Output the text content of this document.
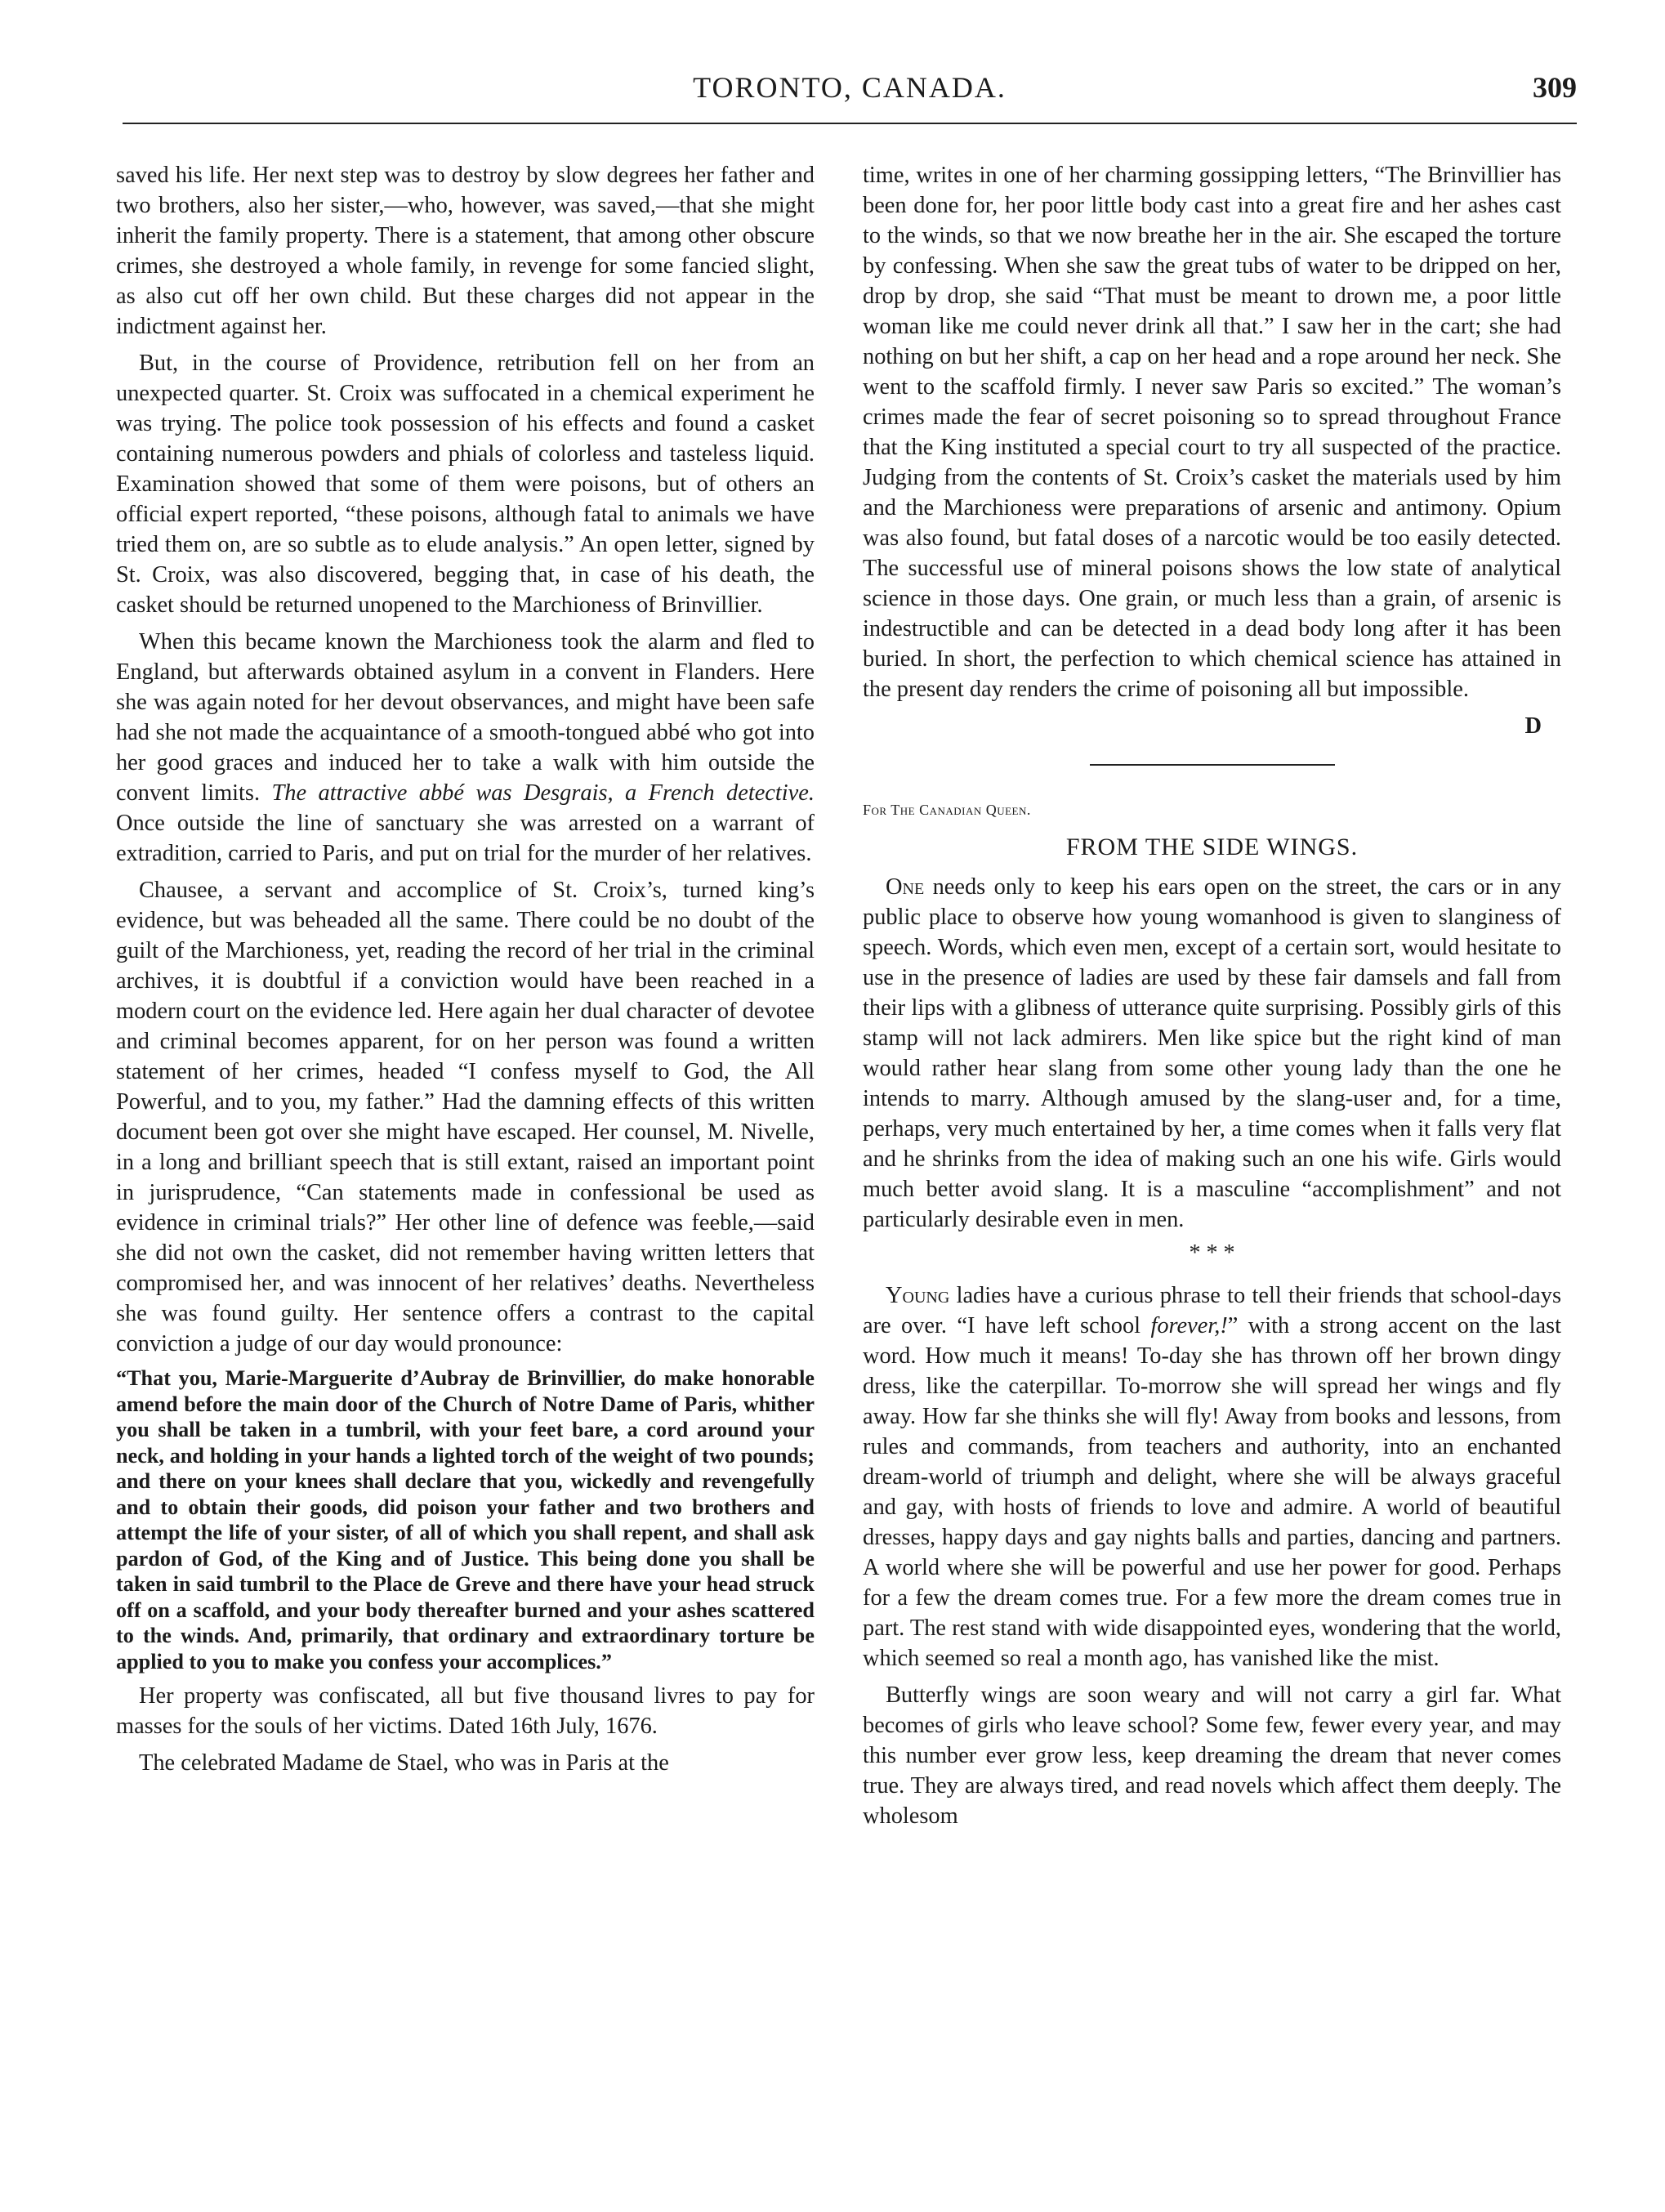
TORONTO, CANADA.	309

saved his life. Her next step was to destroy by slow degrees her father and two brothers, also her sister,—who, however, was saved,—that she might inherit the family property. There is a statement, that among other obscure crimes, she destroyed a whole family, in revenge for some fancied slight, as also cut off her own child. But these charges did not appear in the indictment against her.

But, in the course of Providence, retribution fell on her from an unexpected quarter. St. Croix was suffocated in a chemical experiment he was trying. The police took possession of his effects and found a casket containing numerous powders and phials of colorless and tasteless liquid. Examination showed that some of them were poisons, but of others an official expert reported, “these poisons, although fatal to animals we have tried them on, are so subtle as to elude analysis.” An open letter, signed by St. Croix, was also discovered, begging that, in case of his death, the casket should be returned unopened to the Marchioness of Brinvillier.

When this became known the Marchioness took the alarm and fled to England, but afterwards obtained asylum in a convent in Flanders. Here she was again noted for her devout observances, and might have been safe had she not made the acquaintance of a smooth-tongued abbé who got into her good graces and induced her to take a walk with him outside the convent limits. The attractive abbé was Desgrais, a French detective. Once outside the line of sanctuary she was arrested on a warrant of extradition, carried to Paris, and put on trial for the murder of her relatives.

Chausee, a servant and accomplice of St. Croix’s, turned king’s evidence, but was beheaded all the same. There could be no doubt of the guilt of the Marchioness, yet, reading the record of her trial in the criminal archives, it is doubtful if a conviction would have been reached in a modern court on the evidence led. Here again her dual character of devotee and criminal becomes apparent, for on her person was found a written statement of her crimes, headed “I confess myself to God, the All Powerful, and to you, my father.” Had the damning effects of this written document been got over she might have escaped. Her counsel, M. Nivelle, in a long and brilliant speech that is still extant, raised an important point in jurisprudence, “Can statements made in confessional be used as evidence in criminal trials?” Her other line of defence was feeble,—said she did not own the casket, did not remember having written letters that compromised her, and was innocent of her relatives’ deaths. Nevertheless she was found guilty. Her sentence offers a contrast to the capital conviction a judge of our day would pronounce:

“That you, Marie-Marguerite d’Aubray de Brinvillier, do make honorable amend before the main door of the Church of Notre Dame of Paris, whither you shall be taken in a tumbril, with your feet bare, a cord around your neck, and holding in your hands a lighted torch of the weight of two pounds; and there on your knees shall declare that you, wickedly and revengefully and to obtain their goods, did poison your father and two brothers and attempt the life of your sister, of all of which you shall repent, and shall ask pardon of God, of the King and of Justice. This being done you shall be taken in said tumbril to the Place de Greve and there have your head struck off on a scaffold, and your body thereafter burned and your ashes scattered to the winds. And, primarily, that ordinary and extraordinary torture be applied to you to make you confess your accomplices.”

Her property was confiscated, all but five thousand livres to pay for masses for the souls of her victims. Dated 16th July, 1676.

The celebrated Madame de Stael, who was in Paris at the

time, writes in one of her charming gossipping letters, “The Brinvillier has been done for, her poor little body cast into a great fire and her ashes cast to the winds, so that we now breathe her in the air. She escaped the torture by confessing. When she saw the great tubs of water to be dripped on her, drop by drop, she said “That must be meant to drown me, a poor little woman like me could never drink all that.” I saw her in the cart; she had nothing on but her shift, a cap on her head and a rope around her neck. She went to the scaffold firmly. I never saw Paris so excited.” The woman’s crimes made the fear of secret poisoning so to spread throughout France that the King instituted a special court to try all suspected of the practice. Judging from the contents of St. Croix’s casket the materials used by him and the Marchioness were preparations of arsenic and antimony. Opium was also found, but fatal doses of a narcotic would be too easily detected. The successful use of mineral poisons shows the low state of analytical science in those days. One grain, or much less than a grain, of arsenic is indestructible and can be detected in a dead body long after it has been buried. In short, the perfection to which chemical science has attained in the present day renders the crime of poisoning all but impossible.

D
For The Canadian Queen.
FROM THE SIDE WINGS.

One needs only to keep his ears open on the street, the cars or in any public place to observe how young womanhood is given to slanginess of speech. Words, which even men, except of a certain sort, would hesitate to use in the presence of ladies are used by these fair damsels and fall from their lips with a glibness of utterance quite surprising. Possibly girls of this stamp will not lack admirers. Men like spice but the right kind of man would rather hear slang from some other young lady than the one he intends to marry. Although amused by the slang-user and, for a time, perhaps, very much entertained by her, a time comes when it falls very flat and he shrinks from the idea of making such an one his wife. Girls would much better avoid slang. It is a masculine “accomplishment” and not particularly desirable even in men.

* * *

Young ladies have a curious phrase to tell their friends that school-days are over. “I have left school forever,!” with a strong accent on the last word. How much it means! To-day she has thrown off her brown dingy dress, like the caterpillar. To-morrow she will spread her wings and fly away. How far she thinks she will fly! Away from books and lessons, from rules and commands, from teachers and authority, into an enchanted dream-world of triumph and delight, where she will be always graceful and gay, with hosts of friends to love and admire. A world of beautiful dresses, happy days and gay nights balls and parties, dancing and partners. A world where she will be powerful and use her power for good. Perhaps for a few the dream comes true. For a few more the dream comes true in part. The rest stand with wide disappointed eyes, wondering that the world, which seemed so real a month ago, has vanished like the mist.

Butterfly wings are soon weary and will not carry a girl far. What becomes of girls who leave school? Some few, fewer every year, and may this number ever grow less, keep dreaming the dream that never comes true. They are always tired, and read novels which affect them deeply. The wholesom
